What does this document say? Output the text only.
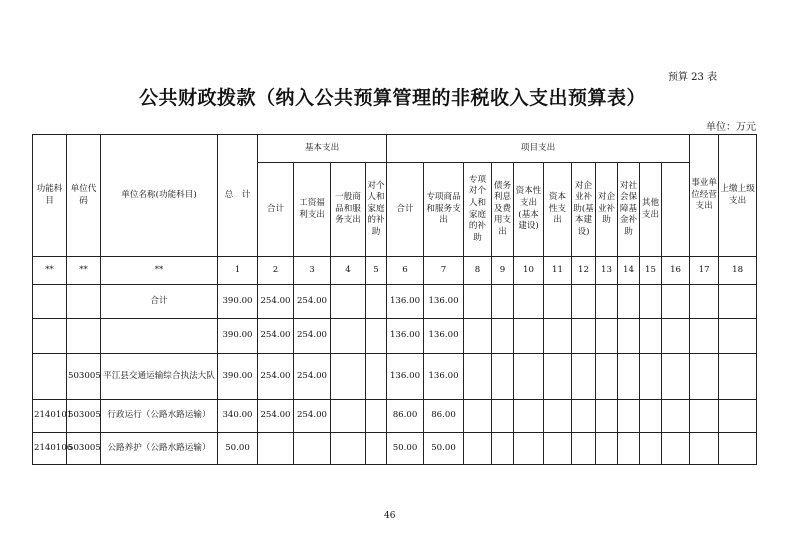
预算 23 表
公共财政拨款（纳入公共预算管理的非税收入支出预算表）
单位：万元
功能科目	单位代码	单位名称(功能科目)	总　计	基本支出				项目支出											事业单位经营支出	上缴上级支出	
				合计	工资福利支出	一般商品和服务支出	对个人和家庭的补助	合计	专项商品和服务支出	专项对个人和家庭的补助	债务利息及费用支出	资本性支出(基本建设)	资本性支出	对企业补助(基本建设)	对企业补助	对社会保障基金补助	其他支出				
**	**	**	1	2	3	4	5	6	7	8	9	10	11	12	13	14	15	16	17	18	
		合计	390.00	254.00	254.00			136.00	136.00												
			390.00	254.00	254.00			136.00	136.00												
	503005	平江县交通运输综合执法大队	390.00	254.00	254.00			136.00	136.00												
2140101	503005	行政运行（公路水路运输）	340.00	254.00	254.00			86.00	86.00												
2140106	503005	公路养护（公路水路运输）	50.00					50.00	50.00												
46
